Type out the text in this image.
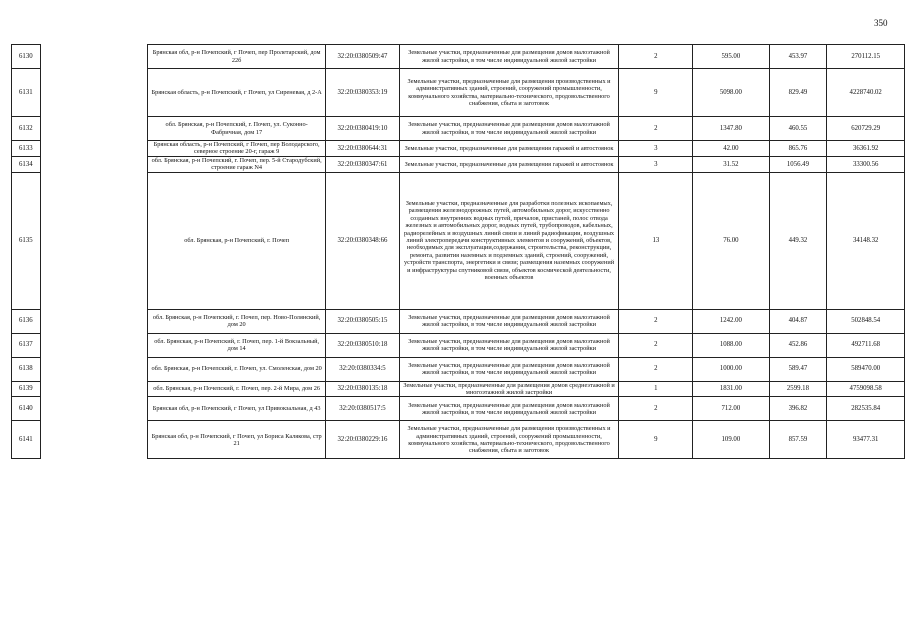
350
6130		Брянская обл, р-н Почепский, г Почеп, пер Пролетарский, дом 22б	32:20:0380509:47	Земельные участки, предназначенные для размещения домов малоэтажной жилой застройки, в том числе индивидуальной жилой застройки	2	595.00	453.97	270112.15
6131		Брянская область, р-н Почепский, г Почеп, ул Сиреневая, д 2-А	32:20:0380353:19	Земельные участки, предназначенные для размещения производственных и административных зданий, строений, сооружений промышленности, коммунального хозяйства, материально-технического, продовольственного снабжения, сбыта и заготовок	9	5098.00	829.49	4228740.02
6132		обл. Брянская, р-н Почепский, г. Почеп, ул. Суконно-Фабричная, дом 17	32:20:0380419:10	Земельные участки, предназначенные для размещения домов малоэтажной жилой застройки, в том числе индивидуальной жилой застройки	2	1347.80	460.55	620729.29
6133		Брянская область, р-н Почепский, г Почеп, пер Володарского, северное строение 20-г, гараж 9	32:20:0380644:31	Земельные участки, предназначенные для размещения гаражей и автостоянок	3	42.00	865.76	36361.92
6134		обл. Брянская, р-н Почепский, г. Почеп, пер. 5-й Стародубский, строение гараж N4	32:20:0380347:61	Земельные участки, предназначенные для размещения гаражей и автостоянок	3	31.52	1056.49	33300.56
6135		обл. Брянская, р-н Почепский, г. Почеп	32:20:0380348:66	Земельные участки, предназначенные для разработки полезных ископаемых, размещения железнодорожных путей, автомобильных дорог, искусственно созданных внутренних водных путей, причалов, пристаней, полос отвода железных и автомобильных дорог, водных путей, трубопроводов, кабельных, радиорелейных и воздушных линий связи и линий радиофикации, воздушных линий электропередачи конструктивных элементов и сооружений, объектов, необходимых для эксплуатации,содержания, строительства, реконструкции, ремонта, развития наземных и подземных зданий, строений, сооружений, устройств транспорта, энергетики и связи; размещения наземных сооружений и инфраструктуры спутниковой связи, объектов космической деятельности, военных объектов	13	76.00	449.32	34148.32
6136		обл. Брянская, р-н Почепский, г. Почеп, пер. Ново-Полянский, дом 20	32:20:0380505:15	Земельные участки, предназначенные для размещения домов малоэтажной жилой застройки, в том числе индивидуальной жилой застройки	2	1242.00	404.87	502848.54
6137		обл. Брянская, р-н Почепский, г. Почеп, пер. 1-й Вокзальный, дом 14	32:20:0380510:18	Земельные участки, предназначенные для размещения домов малоэтажной жилой застройки, в том числе индивидуальной жилой застройки	2	1088.00	452.86	492711.68
6138		обл. Брянская, р-н Почепский, г. Почеп, ул. Смоленская, дом 20	32:20:0380334:5	Земельные участки, предназначенные для размещения домов малоэтажной жилой застройки, в том числе индивидуальной жилой застройки	2	1000.00	589.47	589470.00
6139		обл. Брянская, р-н Почепский, г. Почеп, пер. 2-й Мира, дом 26	32:20:0380135:18	Земельные участки, предназначенные для размещения домов среднеэтажной и многоэтажной жилой застройки	1	1831.00	2599.18	4759098.58
6140		Брянская обл, р-н Почепский, г Почеп, ул Привокзальная, д 43	32:20:0380517:5	Земельные участки, предназначенные для размещения домов малоэтажной жилой застройки, в том числе индивидуальной жилой застройки	2	712.00	396.82	282535.84
6141		Брянская обл, р-н Почепский, г Почеп, ул Бориса Калякова, стр 21	32:20:0380229:16	Земельные участки, предназначенные для размещения производственных и административных зданий, строений, сооружений промышленности, коммунального хозяйства, материально-технического, продовольственного снабжения, сбыта и заготовок	9	109.00	857.59	93477.31
